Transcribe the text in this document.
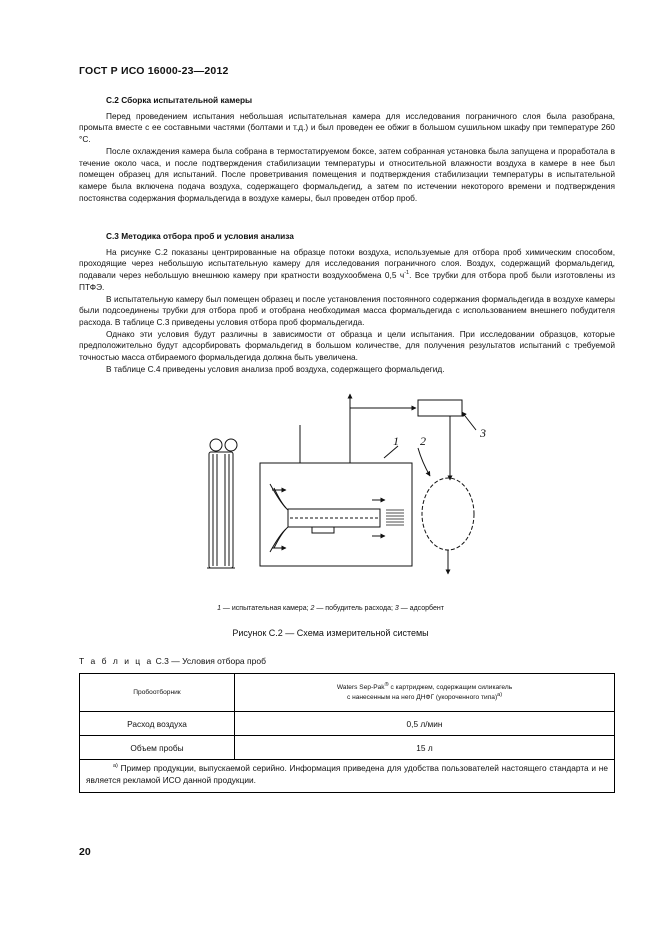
ГОСТ Р ИСО 16000-23—2012
С.2 Сборка испытательной камеры

Перед проведением испытания небольшая испытательная камера для исследования пограничного слоя была разобрана, промыта вместе с ее составными частями (болтами и т.д.) и был проведен ее обжиг в большом сушильном шкафу при температуре 260 °С.

После охлаждения камера была собрана в термостатируемом боксе, затем собранная установка была запущена и проработала в течение около часа, и после подтверждения стабилизации температуры и относительной влажности воздуха в камере в нее был помещен образец для испытаний. После проветривания помещения и подтверждения стабилизации температуры в испытательной камере была включена подача воздуха, содержащего формальдегид, а затем по истечении некоторого времени и подтверждения постоянства содержания формальдегида в воздухе камеры, был проведен отбор проб.

С.3 Методика отбора проб и условия анализа

На рисунке С.2 показаны центрированные на образце потоки воздуха, используемые для отбора проб химическим способом, проходящие через небольшую испытательную камеру для исследования пограничного слоя. Воздух, содержащий формальдегид, подавали через небольшую внешнюю камеру при кратности воздухообмена 0,5 $ч^{-1}$. Все трубки для отбора проб были изготовлены из ПТФЭ.

В испытательную камеру был помещен образец и после установления постоянного содержания формальдегида в воздухе камеры были подсоединены трубки для отбора проб и отобрана необходимая масса формальдегида с использованием внешнего побудителя расхода. В таблице С.3 приведены условия отбора проб формальдегида.

Однако эти условия будут различны в зависимости от образца и цели испытания. При исследовании образцов, которые предположительно будут адсорбировать формальдегид в большом количестве, для получения результатов испытаний с требуемой точностью масса отбираемого формальдегида должна быть увеличена.

В таблице С.4 приведены условия анализа проб воздуха, содержащего формальдегид.

1 2
3
1 — испытательная камера; 2 — побудитель расхода; 3 — адсорбент
Рисунок С.2 — Схема измерительной системы
Т а б л и ц а С.3 — Условия отбора проб
Пробоотборник	Waters Sep-Pak® с картриджем, содержащим силикагель
с нанесенным на него ДНФГ (укороченного типа)$^{а)}$
Расход воздуха	0,5 л/мин
Объем пробы	15 л
$^{а)}$ Пример продукции, выпускаемой серийно. Информация приведена для удобства пользователей настоящего стандарта и не является рекламой ИСО данной продукции.	
20
